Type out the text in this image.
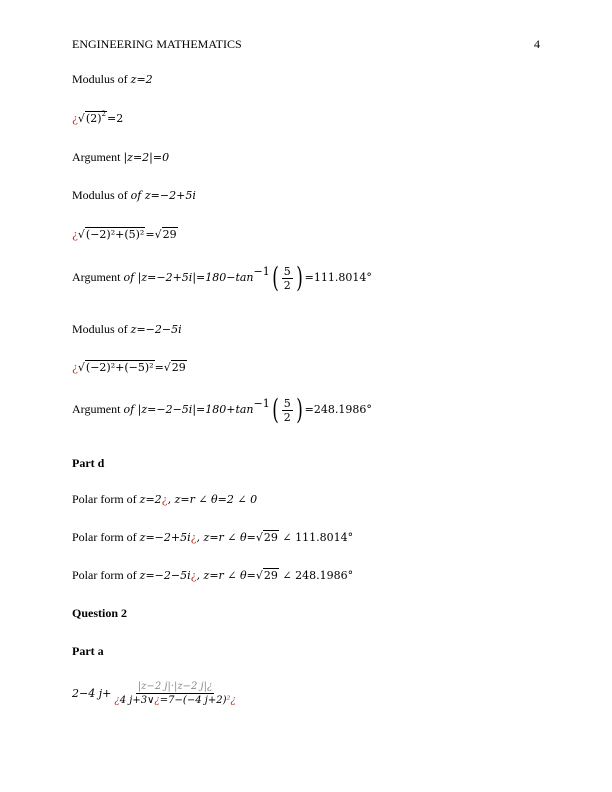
ENGINEERING MATHEMATICS	4
Modulus of z=2
¿$√(2)^2=2$
Argument |z=2|=0
Modulus of of z=−2+5i
¿√(−2)²+(5)²=√29
Argument of $|z=-2+5i|=180-\tan^{-1}$ ( $\frac{5}{2}$ ) =111.8014°
Modulus of z=−2−5i
¿√(−2)²+(−5)²=√29
Argument of $|z=-2-5i|=180+\tan^{-1}$ ( $\frac{5}{2}$ ) =248.1986°
Part d
Polar form of z=2¿, z=r ∠ θ=2 ∠ 0
Polar form of z=−2+5i¿, z=r ∠ θ=√29 ∠ 111.8014°
Polar form of z=−2−5i¿, z=r ∠ θ=√29 ∠ 248.1986°
Question 2
Part a
2−4 $j+ \frac{|z-2 j|\cdot|z-2 j|¿}{\text{¿4 j+3∨¿=7−(−4 j+2)²¿}}$
